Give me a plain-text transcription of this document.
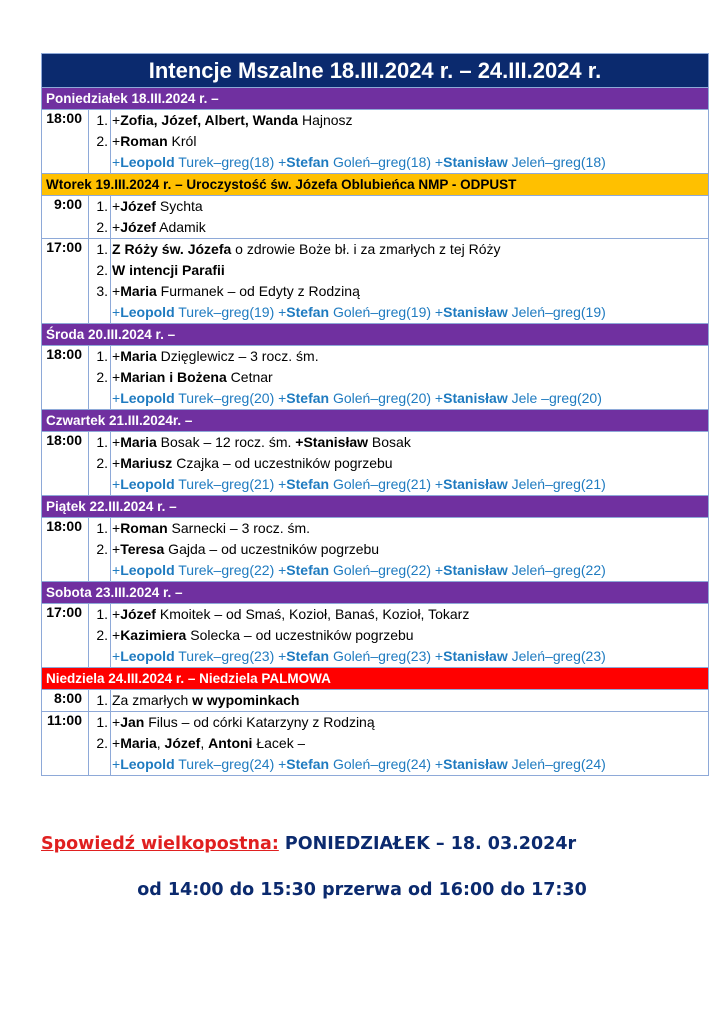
Intencje Mszalne 18.III.2024 r. – 24.III.2024 r.
Poniedziałek 18.III.2024 r. –
18:00	1. +Zofia, Józef, Albert, Wanda Hajnosz
2. +Roman Król
+Leopold Turek–greg(18) +Stefan Goleń–greg(18) +Stanisław Jeleń–greg(18)
Wtorek 19.III.2024 r. – Uroczystość św. Józefa Oblubieńca NMP - ODPUST
9:00	1. +Józef Sychta
2. +Józef Adamik
17:00	1. Z Róży św. Józefa o zdrowie Boże bł. i za zmarłych z tej Róży
2. W intencji Parafii
3. +Maria Furmanek – od Edyty z Rodziną
+Leopold Turek–greg(19) +Stefan Goleń–greg(19) +Stanisław Jeleń–greg(19)
Środa 20.III.2024 r. –
18:00	1. +Maria Dzięglewicz – 3 rocz. śm.
2. +Marian i Bożena Cetnar
+Leopold Turek–greg(20) +Stefan Goleń–greg(20) +Stanisław Jele –greg(20)
Czwartek 21.III.2024r. –
18:00	1. +Maria Bosak – 12 rocz. śm. +Stanisław Bosak
2. +Mariusz Czajka – od uczestników pogrzebu
+Leopold Turek–greg(21) +Stefan Goleń–greg(21) +Stanisław Jeleń–greg(21)
Piątek 22.III.2024 r. –
18:00	1. +Roman Sarnecki – 3 rocz. śm.
2. +Teresa Gajda – od uczestników pogrzebu
+Leopold Turek–greg(22) +Stefan Goleń–greg(22) +Stanisław Jeleń–greg(22)
Sobota 23.III.2024 r. –
17:00	1. +Józef Kmoitek – od Smaś, Kozioł, Banaś, Kozioł, Tokarz
2. +Kazimiera Solecka – od uczestników pogrzebu
+Leopold Turek–greg(23) +Stefan Goleń–greg(23) +Stanisław Jeleń–greg(23)
Niedziela 24.III.2024 r. – Niedziela PALMOWA
8:00	1. Za zmarłych w wypominkach
11:00	1. +Jan Filus – od córki Katarzyny z Rodziną
2. +Maria, Józef, Antoni Łacek –
+Leopold Turek–greg(24) +Stefan Goleń–greg(24) +Stanisław Jeleń–greg(24)
Spowiedź wielkopostna: PONIEDZIAŁEK – 18. 03.2024r
od 14:00 do 15:30 przerwa od 16:00 do 17:30
